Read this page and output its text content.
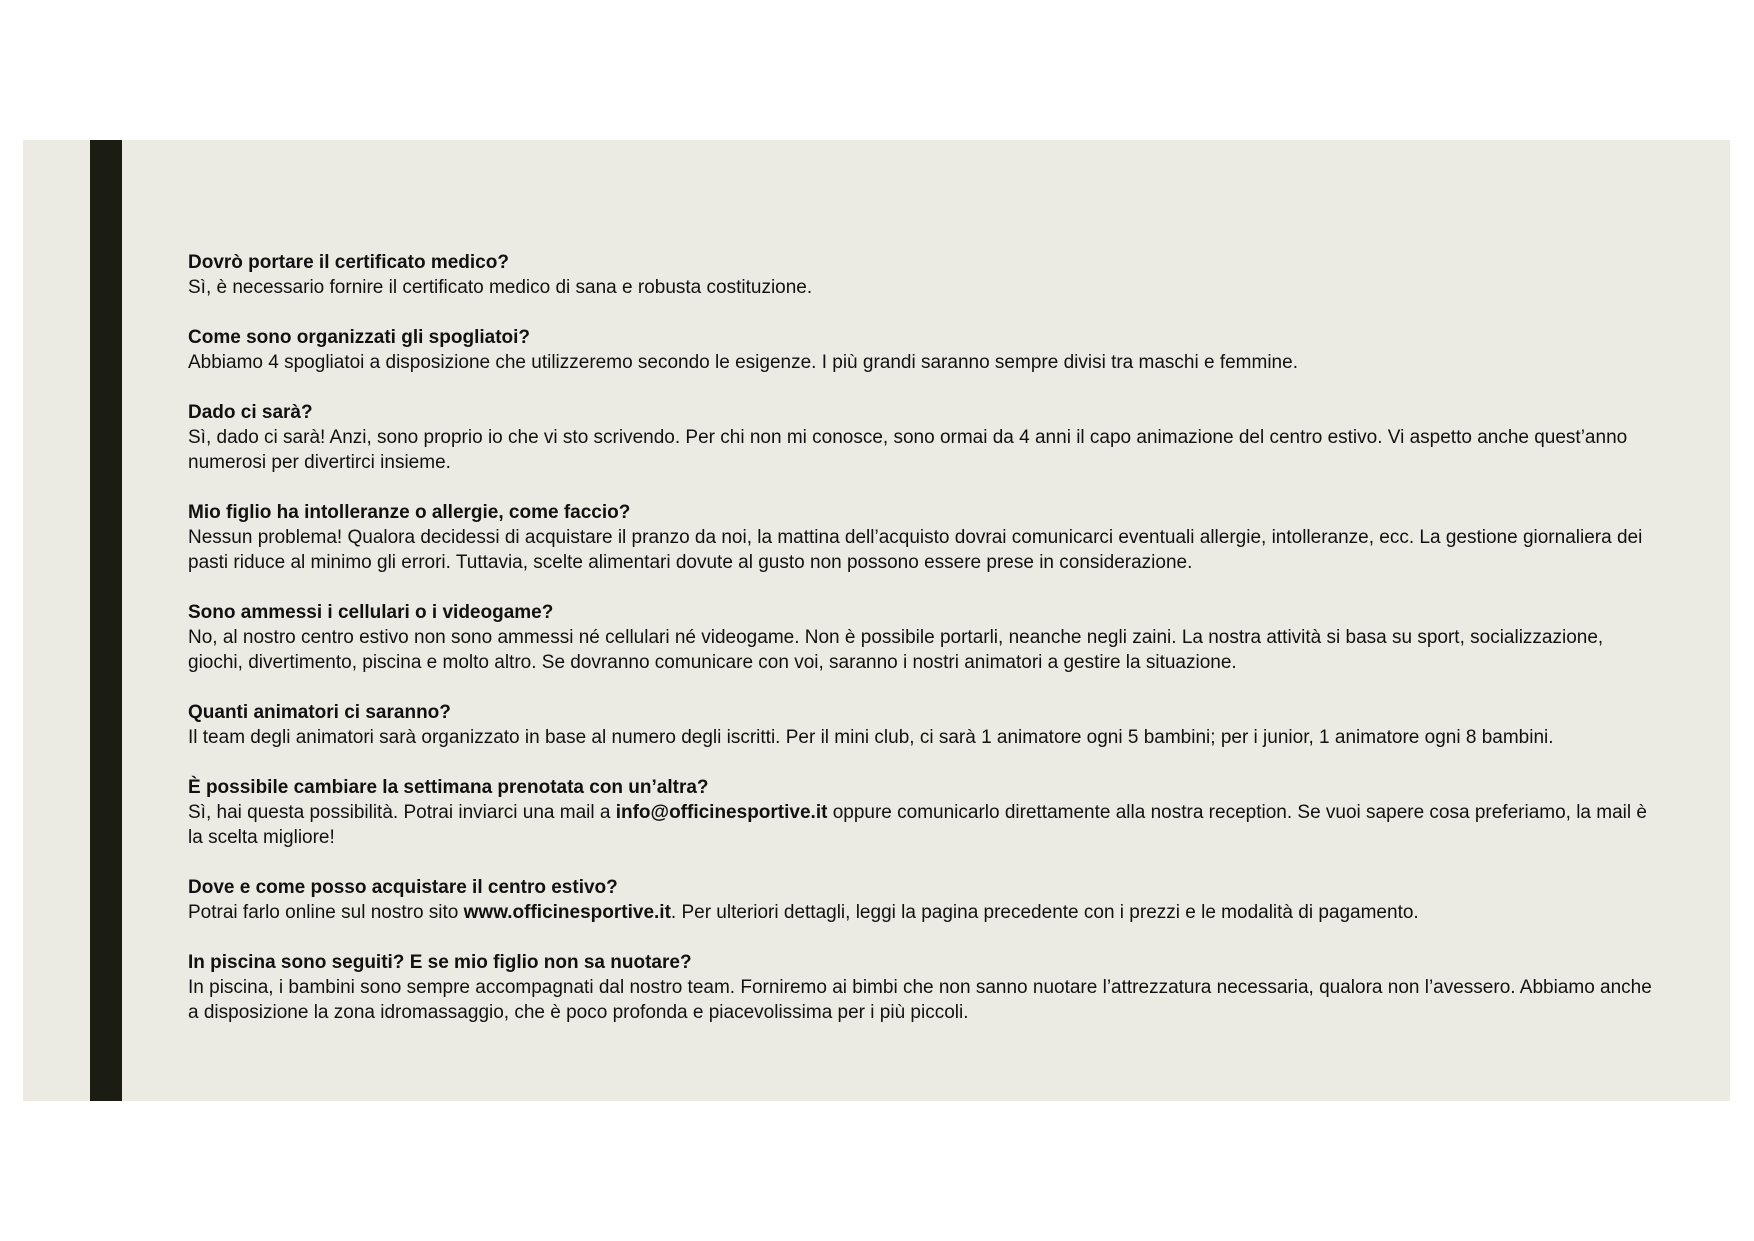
Dovrò portare il certificato medico?
Sì, è necessario fornire il certificato medico di sana e robusta costituzione.
Come sono organizzati gli spogliatoi?
Abbiamo 4 spogliatoi a disposizione che utilizzeremo secondo le esigenze. I più grandi saranno sempre divisi tra maschi e femmine.
Dado ci sarà?
Sì, dado ci sarà! Anzi, sono proprio io che vi sto scrivendo. Per chi non mi conosce, sono ormai da 4 anni il capo animazione del centro estivo. Vi aspetto anche quest’anno numerosi per divertirci insieme.
Mio figlio ha intolleranze o allergie, come faccio?
Nessun problema! Qualora decidessi di acquistare il pranzo da noi, la mattina dell’acquisto dovrai comunicarci eventuali allergie, intolleranze, ecc. La gestione giornaliera dei pasti riduce al minimo gli errori. Tuttavia, scelte alimentari dovute al gusto non possono essere prese in considerazione.
Sono ammessi i cellulari o i videogame?
No, al nostro centro estivo non sono ammessi né cellulari né videogame. Non è possibile portarli, neanche negli zaini. La nostra attività si basa su sport, socializzazione, giochi, divertimento, piscina e molto altro. Se dovranno comunicare con voi, saranno i nostri animatori a gestire la situazione.
Quanti animatori ci saranno?
Il team degli animatori sarà organizzato in base al numero degli iscritti. Per il mini club, ci sarà 1 animatore ogni 5 bambini; per i junior, 1 animatore ogni 8 bambini.
È possibile cambiare la settimana prenotata con un’altra?
Sì, hai questa possibilità. Potrai inviarci una mail a info@officinesportive.it oppure comunicarlo direttamente alla nostra reception. Se vuoi sapere cosa preferiamo, la mail è la scelta migliore!
Dove e come posso acquistare il centro estivo?
Potrai farlo online sul nostro sito www.officinesportive.it. Per ulteriori dettagli, leggi la pagina precedente con i prezzi e le modalità di pagamento.
In piscina sono seguiti? E se mio figlio non sa nuotare?
In piscina, i bambini sono sempre accompagnati dal nostro team. Forniremo ai bimbi che non sanno nuotare l’attrezzatura necessaria, qualora non l’avessero. Abbiamo anche a disposizione la zona idromassaggio, che è poco profonda e piacevolissima per i più piccoli.
